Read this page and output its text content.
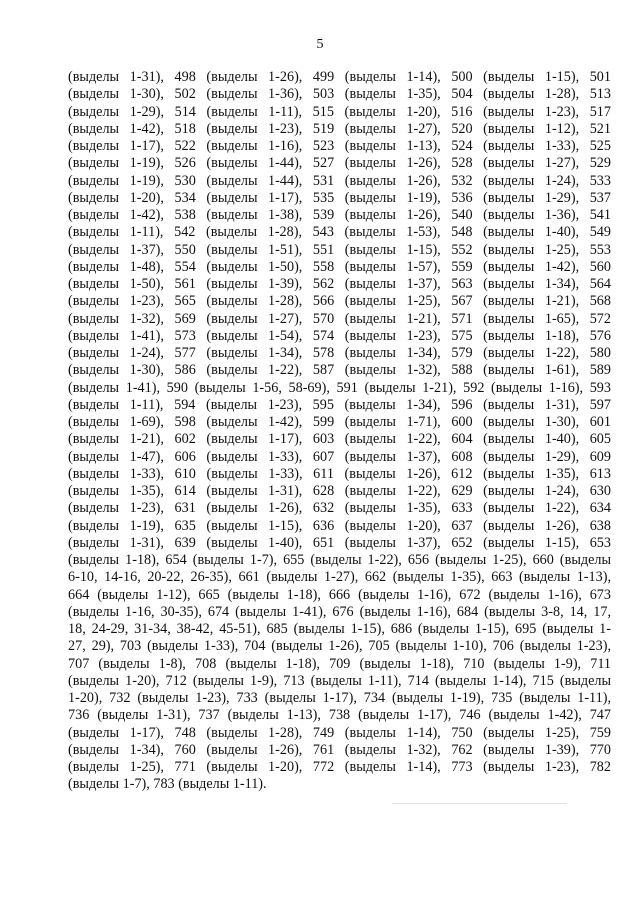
5
(выделы 1-31), 498 (выделы 1-26), 499 (выделы 1-14), 500 (выделы 1-15), 501
(выделы 1-30), 502 (выделы 1-36), 503 (выделы 1-35), 504 (выделы 1-28), 513
(выделы 1-29), 514 (выделы 1-11), 515 (выделы 1-20), 516 (выделы 1-23), 517
(выделы 1-42), 518 (выделы 1-23), 519 (выделы 1-27), 520 (выделы 1-12), 521
(выделы 1-17), 522 (выделы 1-16), 523 (выделы 1-13), 524 (выделы 1-33), 525
(выделы 1-19), 526 (выделы 1-44), 527 (выделы 1-26), 528 (выделы 1-27), 529
(выделы 1-19), 530 (выделы 1-44), 531 (выделы 1-26), 532 (выделы 1-24), 533
(выделы 1-20), 534 (выделы 1-17), 535 (выделы 1-19), 536 (выделы 1-29), 537
(выделы 1-42), 538 (выделы 1-38), 539 (выделы 1-26), 540 (выделы 1-36), 541
(выделы 1-11), 542 (выделы 1-28), 543 (выделы 1-53), 548 (выделы 1-40), 549
(выделы 1-37), 550 (выделы 1-51), 551 (выделы 1-15), 552 (выделы 1-25), 553
(выделы 1-48), 554 (выделы 1-50), 558 (выделы 1-57), 559 (выделы 1-42), 560
(выделы 1-50), 561 (выделы 1-39), 562 (выделы 1-37), 563 (выделы 1-34), 564
(выделы 1-23), 565 (выделы 1-28), 566 (выделы 1-25), 567 (выделы 1-21), 568
(выделы 1-32), 569 (выделы 1-27), 570 (выделы 1-21), 571 (выделы 1-65), 572
(выделы 1-41), 573 (выделы 1-54), 574 (выделы 1-23), 575 (выделы 1-18), 576
(выделы 1-24), 577 (выделы 1-34), 578 (выделы 1-34), 579 (выделы 1-22), 580
(выделы 1-30), 586 (выделы 1-22), 587 (выделы 1-32), 588 (выделы 1-61), 589
(выделы 1-41), 590 (выделы 1-56, 58-69), 591 (выделы 1-21), 592 (выделы 1-16), 593
(выделы 1-11), 594 (выделы 1-23), 595 (выделы 1-34), 596 (выделы 1-31), 597
(выделы 1-69), 598 (выделы 1-42), 599 (выделы 1-71), 600 (выделы 1-30), 601
(выделы 1-21), 602 (выделы 1-17), 603 (выделы 1-22), 604 (выделы 1-40), 605
(выделы 1-47), 606 (выделы 1-33), 607 (выделы 1-37), 608 (выделы 1-29), 609
(выделы 1-33), 610 (выделы 1-33), 611 (выделы 1-26), 612 (выделы 1-35), 613
(выделы 1-35), 614 (выделы 1-31), 628 (выделы 1-22), 629 (выделы 1-24), 630
(выделы 1-23), 631 (выделы 1-26), 632 (выделы 1-35), 633 (выделы 1-22), 634
(выделы 1-19), 635 (выделы 1-15), 636 (выделы 1-20), 637 (выделы 1-26), 638
(выделы 1-31), 639 (выделы 1-40), 651 (выделы 1-37), 652 (выделы 1-15), 653
(выделы 1-18), 654 (выделы 1-7), 655 (выделы 1-22), 656 (выделы 1-25), 660 (выделы
6-10, 14-16, 20-22, 26-35), 661 (выделы 1-27), 662 (выделы 1-35), 663 (выделы 1-13),
664 (выделы 1-12), 665 (выделы 1-18), 666 (выделы 1-16), 672 (выделы 1-16), 673
(выделы 1-16, 30-35), 674 (выделы 1-41), 676 (выделы 1-16), 684 (выделы 3-8, 14, 17,
18, 24-29, 31-34, 38-42, 45-51), 685 (выделы 1-15), 686 (выделы 1-15), 695 (выделы 1-
27, 29), 703 (выделы 1-33), 704 (выделы 1-26), 705 (выделы 1-10), 706 (выделы 1-23),
707 (выделы 1-8), 708 (выделы 1-18), 709 (выделы 1-18), 710 (выделы 1-9), 711
(выделы 1-20), 712 (выделы 1-9), 713 (выделы 1-11), 714 (выделы 1-14), 715 (выделы
1-20), 732 (выделы 1-23), 733 (выделы 1-17), 734 (выделы 1-19), 735 (выделы 1-11),
736 (выделы 1-31), 737 (выделы 1-13), 738 (выделы 1-17), 746 (выделы 1-42), 747
(выделы 1-17), 748 (выделы 1-28), 749 (выделы 1-14), 750 (выделы 1-25), 759
(выделы 1-34), 760 (выделы 1-26), 761 (выделы 1-32), 762 (выделы 1-39), 770
(выделы 1-25), 771 (выделы 1-20), 772 (выделы 1-14), 773 (выделы 1-23), 782
(выделы 1-7), 783 (выделы 1-11).
